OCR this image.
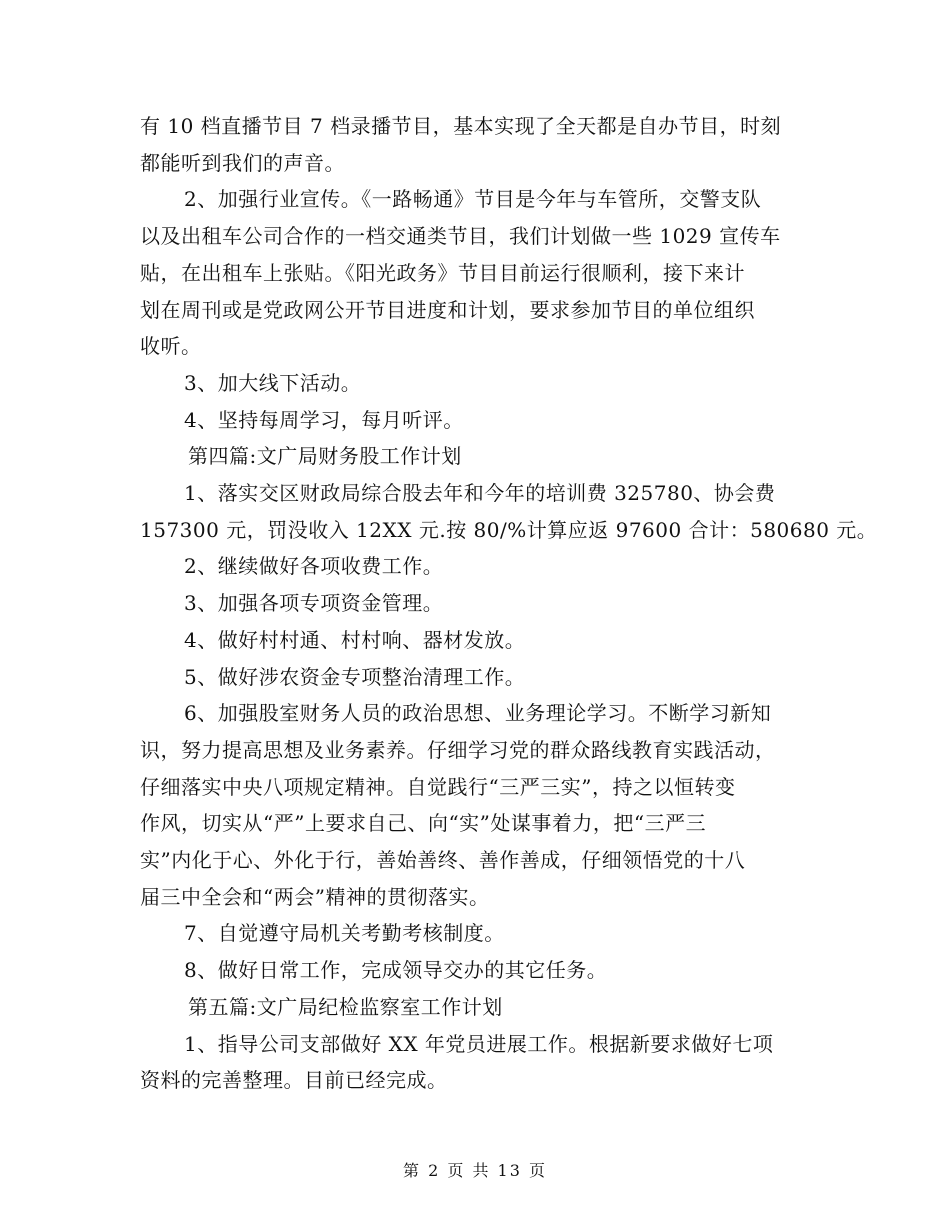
有 10 档直播节目 7 档录播节目，基本实现了全天都是自办节目，时刻

都能听到我们的声音。

2、加强行业宣传。《一路畅通》节目是今年与车管所，交警支队

以及出租车公司合作的一档交通类节目，我们计划做一些 1029 宣传车

贴，在出租车上张贴。《阳光政务》节目目前运行很顺利，接下来计

划在周刊或是党政网公开节目进度和计划，要求参加节目的单位组织

收听。

3、加大线下活动。

4、坚持每周学习，每月听评。

第四篇:文广局财务股工作计划

1、落实交区财政局综合股去年和今年的培训费 325780、协会费

157300 元，罚没收入 12XX 元.按 80/%计算应返 97600 合计：580680 元。

2、继续做好各项收费工作。

3、加强各项专项资金管理。

4、做好村村通、村村响、器材发放。

5、做好涉农资金专项整治清理工作。

6、加强股室财务人员的政治思想、业务理论学习。不断学习新知

识，努力提高思想及业务素养。仔细学习党的群众路线教育实践活动，

仔细落实中央八项规定精神。自觉践行“三严三实”，持之以恒转变

作风，切实从“严”上要求自己、向“实”处谋事着力，把“三严三

实”内化于心、外化于行，善始善终、善作善成，仔细领悟党的十八

届三中全会和“两会”精神的贯彻落实。

7、自觉遵守局机关考勤考核制度。

8、做好日常工作，完成领导交办的其它任务。

第五篇:文广局纪检监察室工作计划

1、指导公司支部做好 XX 年党员进展工作。根据新要求做好七项

资料的完善整理。目前已经完成。

第 2 页 共 13 页
